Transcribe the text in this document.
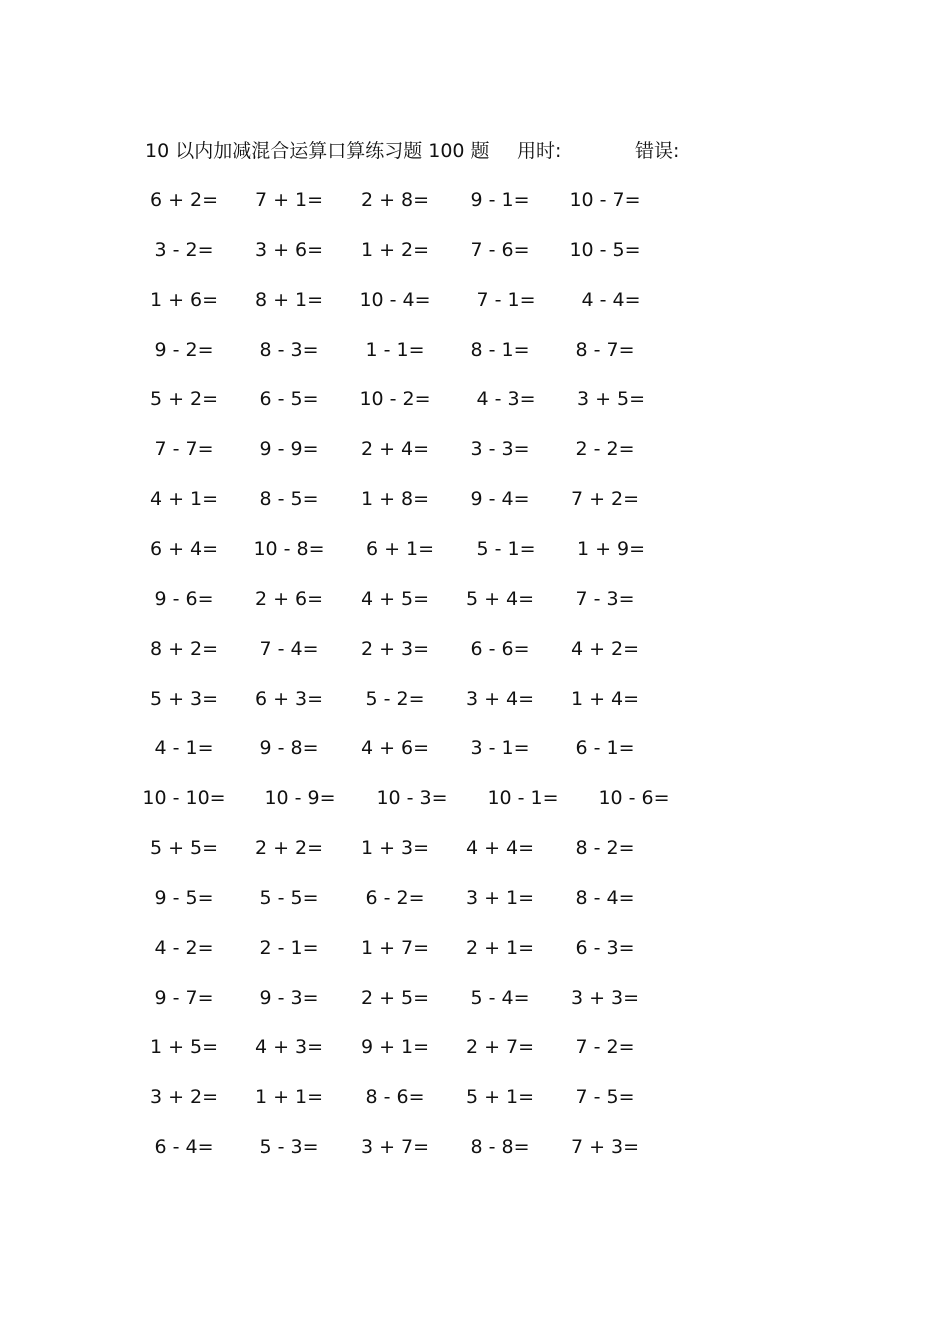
10 以内加减混合运算口算练习题 100 题 用时:	错误:
6 + 2=	7 + 1=	2 + 8=	9 - 1=	10 - 7=
3 - 2=	3 + 6=	1 + 2=	7 - 6=	10 - 5=
1 + 6=	8 + 1=	10 - 4=	7 - 1=	4 - 4=
9 - 2=	8 - 3=	1 - 1=	8 - 1=	8 - 7=
5 + 2=	6 - 5=	10 - 2=	4 - 3=	3 + 5=
7 - 7=	9 - 9=	2 + 4=	3 - 3=	2 - 2=
4 + 1=	8 - 5=	1 + 8=	9 - 4=	7 + 2=
6 + 4=	10 - 8=	6 + 1=	5 - 1=	1 + 9=
9 - 6=	2 + 6=	4 + 5=	5 + 4=	7 - 3=
8 + 2=	7 - 4=	2 + 3=	6 - 6=	4 + 2=
5 + 3=	6 + 3=	5 - 2=	3 + 4=	1 + 4=
4 - 1=	9 - 8=	4 + 6=	3 - 1=	6 - 1=
10 - 10=	10 - 9=	10 - 3=	10 - 1=	10 - 6=
5 + 5=	2 + 2=	1 + 3=	4 + 4=	8 - 2=
9 - 5=	5 - 5=	6 - 2=	3 + 1=	8 - 4=
4 - 2=	2 - 1=	1 + 7=	2 + 1=	6 - 3=
9 - 7=	9 - 3=	2 + 5=	5 - 4=	3 + 3=
1 + 5=	4 + 3=	9 + 1=	2 + 7=	7 - 2=
3 + 2=	1 + 1=	8 - 6=	5 + 1=	7 - 5=
6 - 4=	5 - 3=	3 + 7=	8 - 8=	7 + 3=
